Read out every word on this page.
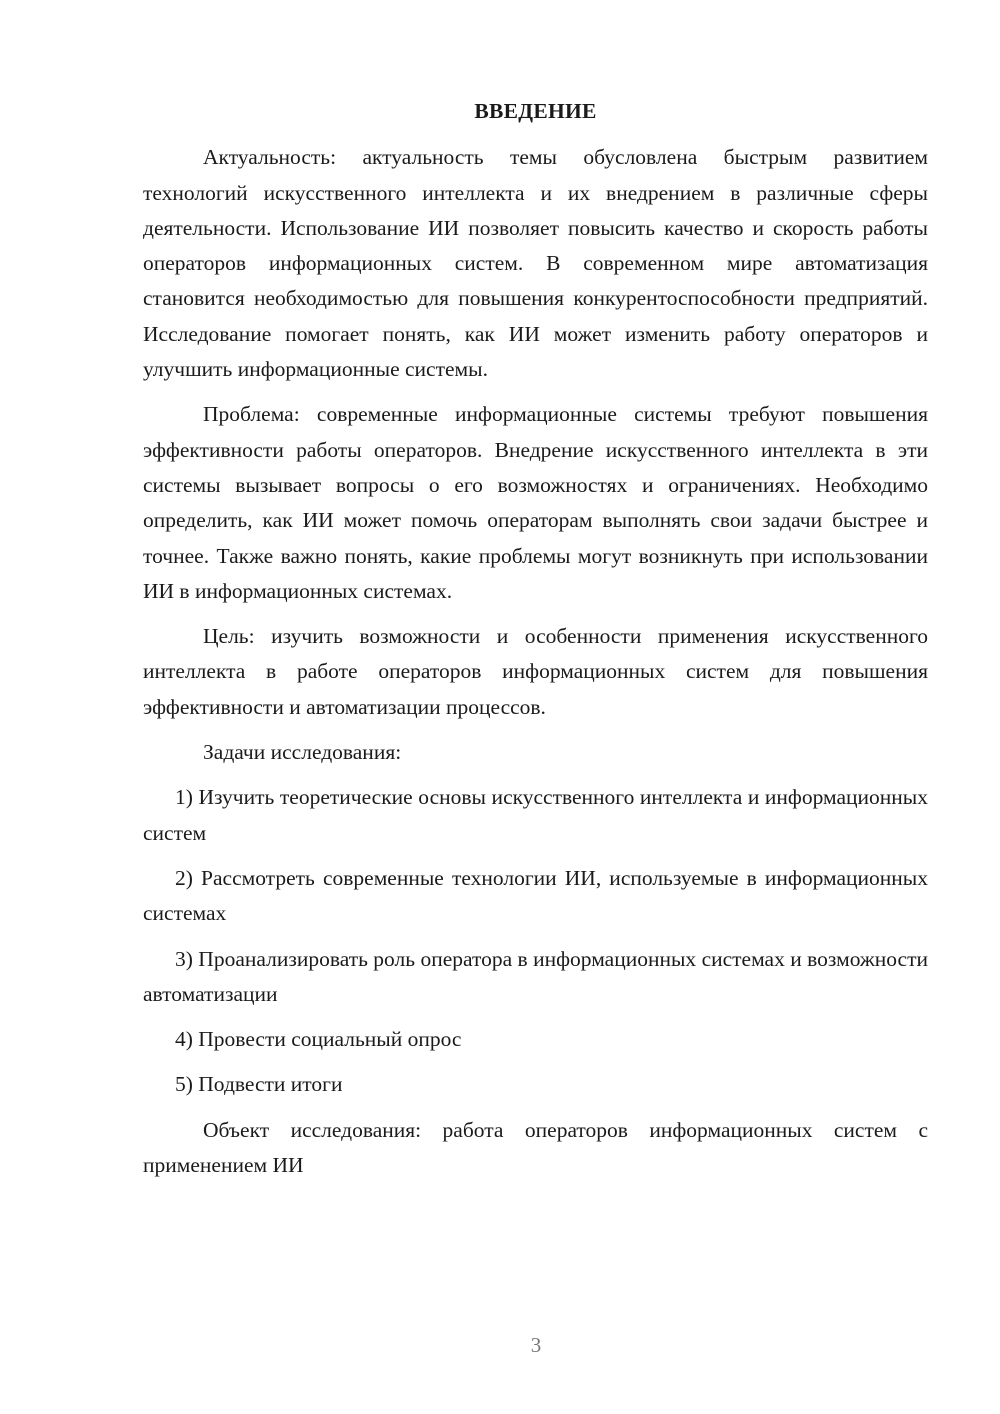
ВВЕДЕНИЕ

Актуальность: актуальность темы обусловлена быстрым развитием технологий искусственного интеллекта и их внедрением в различные сферы деятельности. Использование ИИ позволяет повысить качество и скорость работы операторов информационных систем. В современном мире автоматизация становится необходимостью для повышения конкурентоспособности предприятий. Исследование помогает понять, как ИИ может изменить работу операторов и улучшить информационные системы.

Проблема: современные информационные системы требуют повышения эффективности работы операторов. Внедрение искусственного интеллекта в эти системы вызывает вопросы о его возможностях и ограничениях. Необходимо определить, как ИИ может помочь операторам выполнять свои задачи быстрее и точнее. Также важно понять, какие проблемы могут возникнуть при использовании ИИ в информационных системах.

Цель: изучить возможности и особенности применения искусственного интеллекта в работе операторов информационных систем для повышения эффективности и автоматизации процессов.

Задачи исследования:

1) Изучить теоретические основы искусственного интеллекта и информационных систем

2) Рассмотреть современные технологии ИИ, используемые в информационных системах

3) Проанализировать роль оператора в информационных системах и возможности автоматизации

4) Провести социальный опрос

5) Подвести итоги

Объект исследования: работа операторов информационных систем с применением ИИ

3
